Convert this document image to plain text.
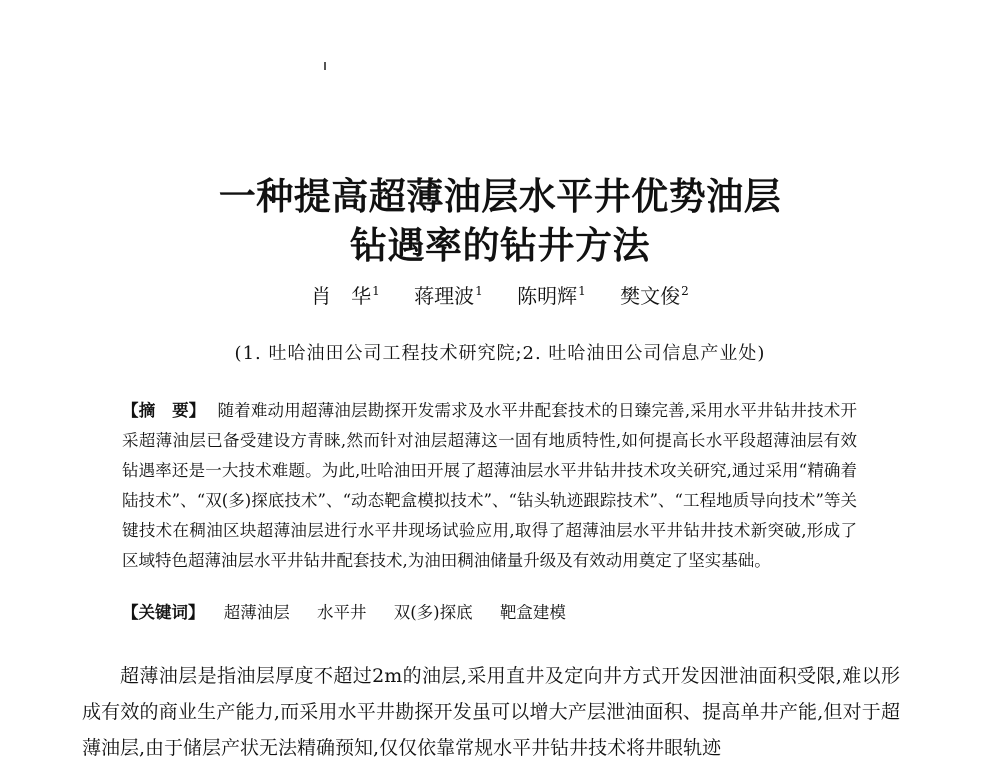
一种提高超薄油层水平井优势油层
钻遇率的钻井方法
肖　华$^1$ 蒋理波$^1$ 陈明辉$^1$ 樊文俊$^2$
(1. 吐哈油田公司工程技术研究院;2. 吐哈油田公司信息产业处)
【摘　要】 随着难动用超薄油层勘探开发需求及水平井配套技术的日臻完善,采用水平井钻井技术开采超薄油层已备受建设方青睐,然而针对油层超薄这一固有地质特性,如何提高长水平段超薄油层有效钻遇率还是一大技术难题。为此,吐哈油田开展了超薄油层水平井钻井技术攻关研究,通过采用“精确着陆技术”、“双(多)探底技术”、“动态靶盒模拟技术”、“钻头轨迹跟踪技术”、“工程地质导向技术”等关键技术在稠油区块超薄油层进行水平井现场试验应用,取得了超薄油层水平井钻井技术新突破,形成了区域特色超薄油层水平井钻井配套技术,为油田稠油储量升级及有效动用奠定了坚实基础。
【关键词】 超薄油层 水平井 双(多)探底 靶盒建模

超薄油层是指油层厚度不超过2m的油层,采用直井及定向井方式开发因泄油面积受限,难以形成有效的商业生产能力,而采用水平井勘探开发虽可以增大产层泄油面积、提高单井产能,但对于超薄油层,由于储层产状无法精确预知,仅仅依靠常规水平井钻井技术将井眼轨迹
